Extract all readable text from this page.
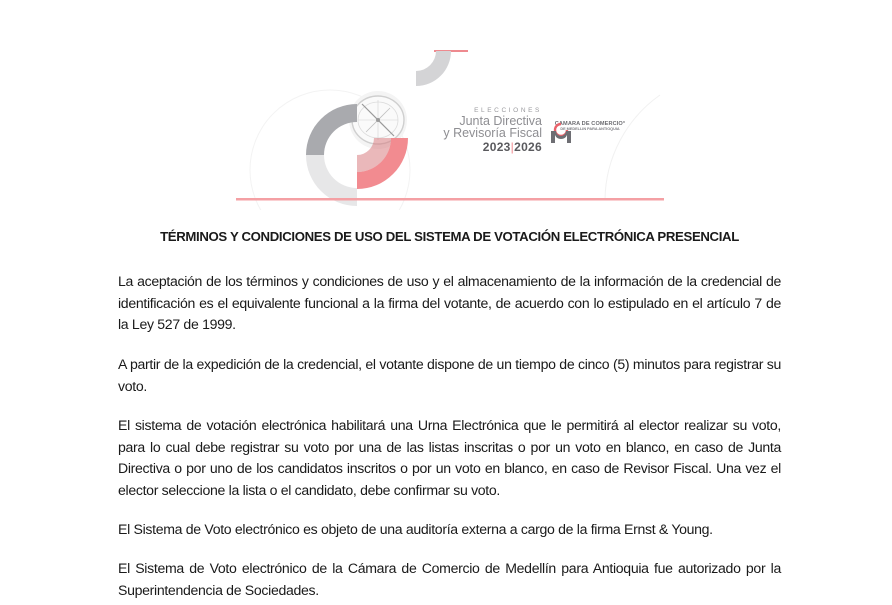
ELECCIONES
Junta Directiva
y Revisoría Fiscal
2023|2026
CAMARA DE COMERCIO°
DE MEDELLIN PARA ANTIOQUIA
TÉRMINOS Y CONDICIONES DE USO DEL SISTEMA DE VOTACIÓN ELECTRÓNICA PRESENCIAL

La aceptación de los términos y condiciones de uso y el almacenamiento de la información de la credencial de identificación es el equivalente funcional a la firma del votante, de acuerdo con lo estipulado en el artículo 7 de la Ley 527 de 1999.

A partir de la expedición de la credencial, el votante dispone de un tiempo de cinco (5) minutos para registrar su voto.

El sistema de votación electrónica habilitará una Urna Electrónica que le permitirá al elector realizar su voto, para lo cual debe registrar su voto por una de las listas inscritas o por un voto en blanco, en caso de Junta Directiva o por uno de los candidatos inscritos o por un voto en blanco, en caso de Revisor Fiscal. Una vez el elector seleccione la lista o el candidato, debe confirmar su voto.

El Sistema de Voto electrónico es objeto de una auditoría externa a cargo de la firma Ernst & Young.

El Sistema de Voto electrónico de la Cámara de Comercio de Medellín para Antioquia fue autorizado por la Superintendencia de Sociedades.
